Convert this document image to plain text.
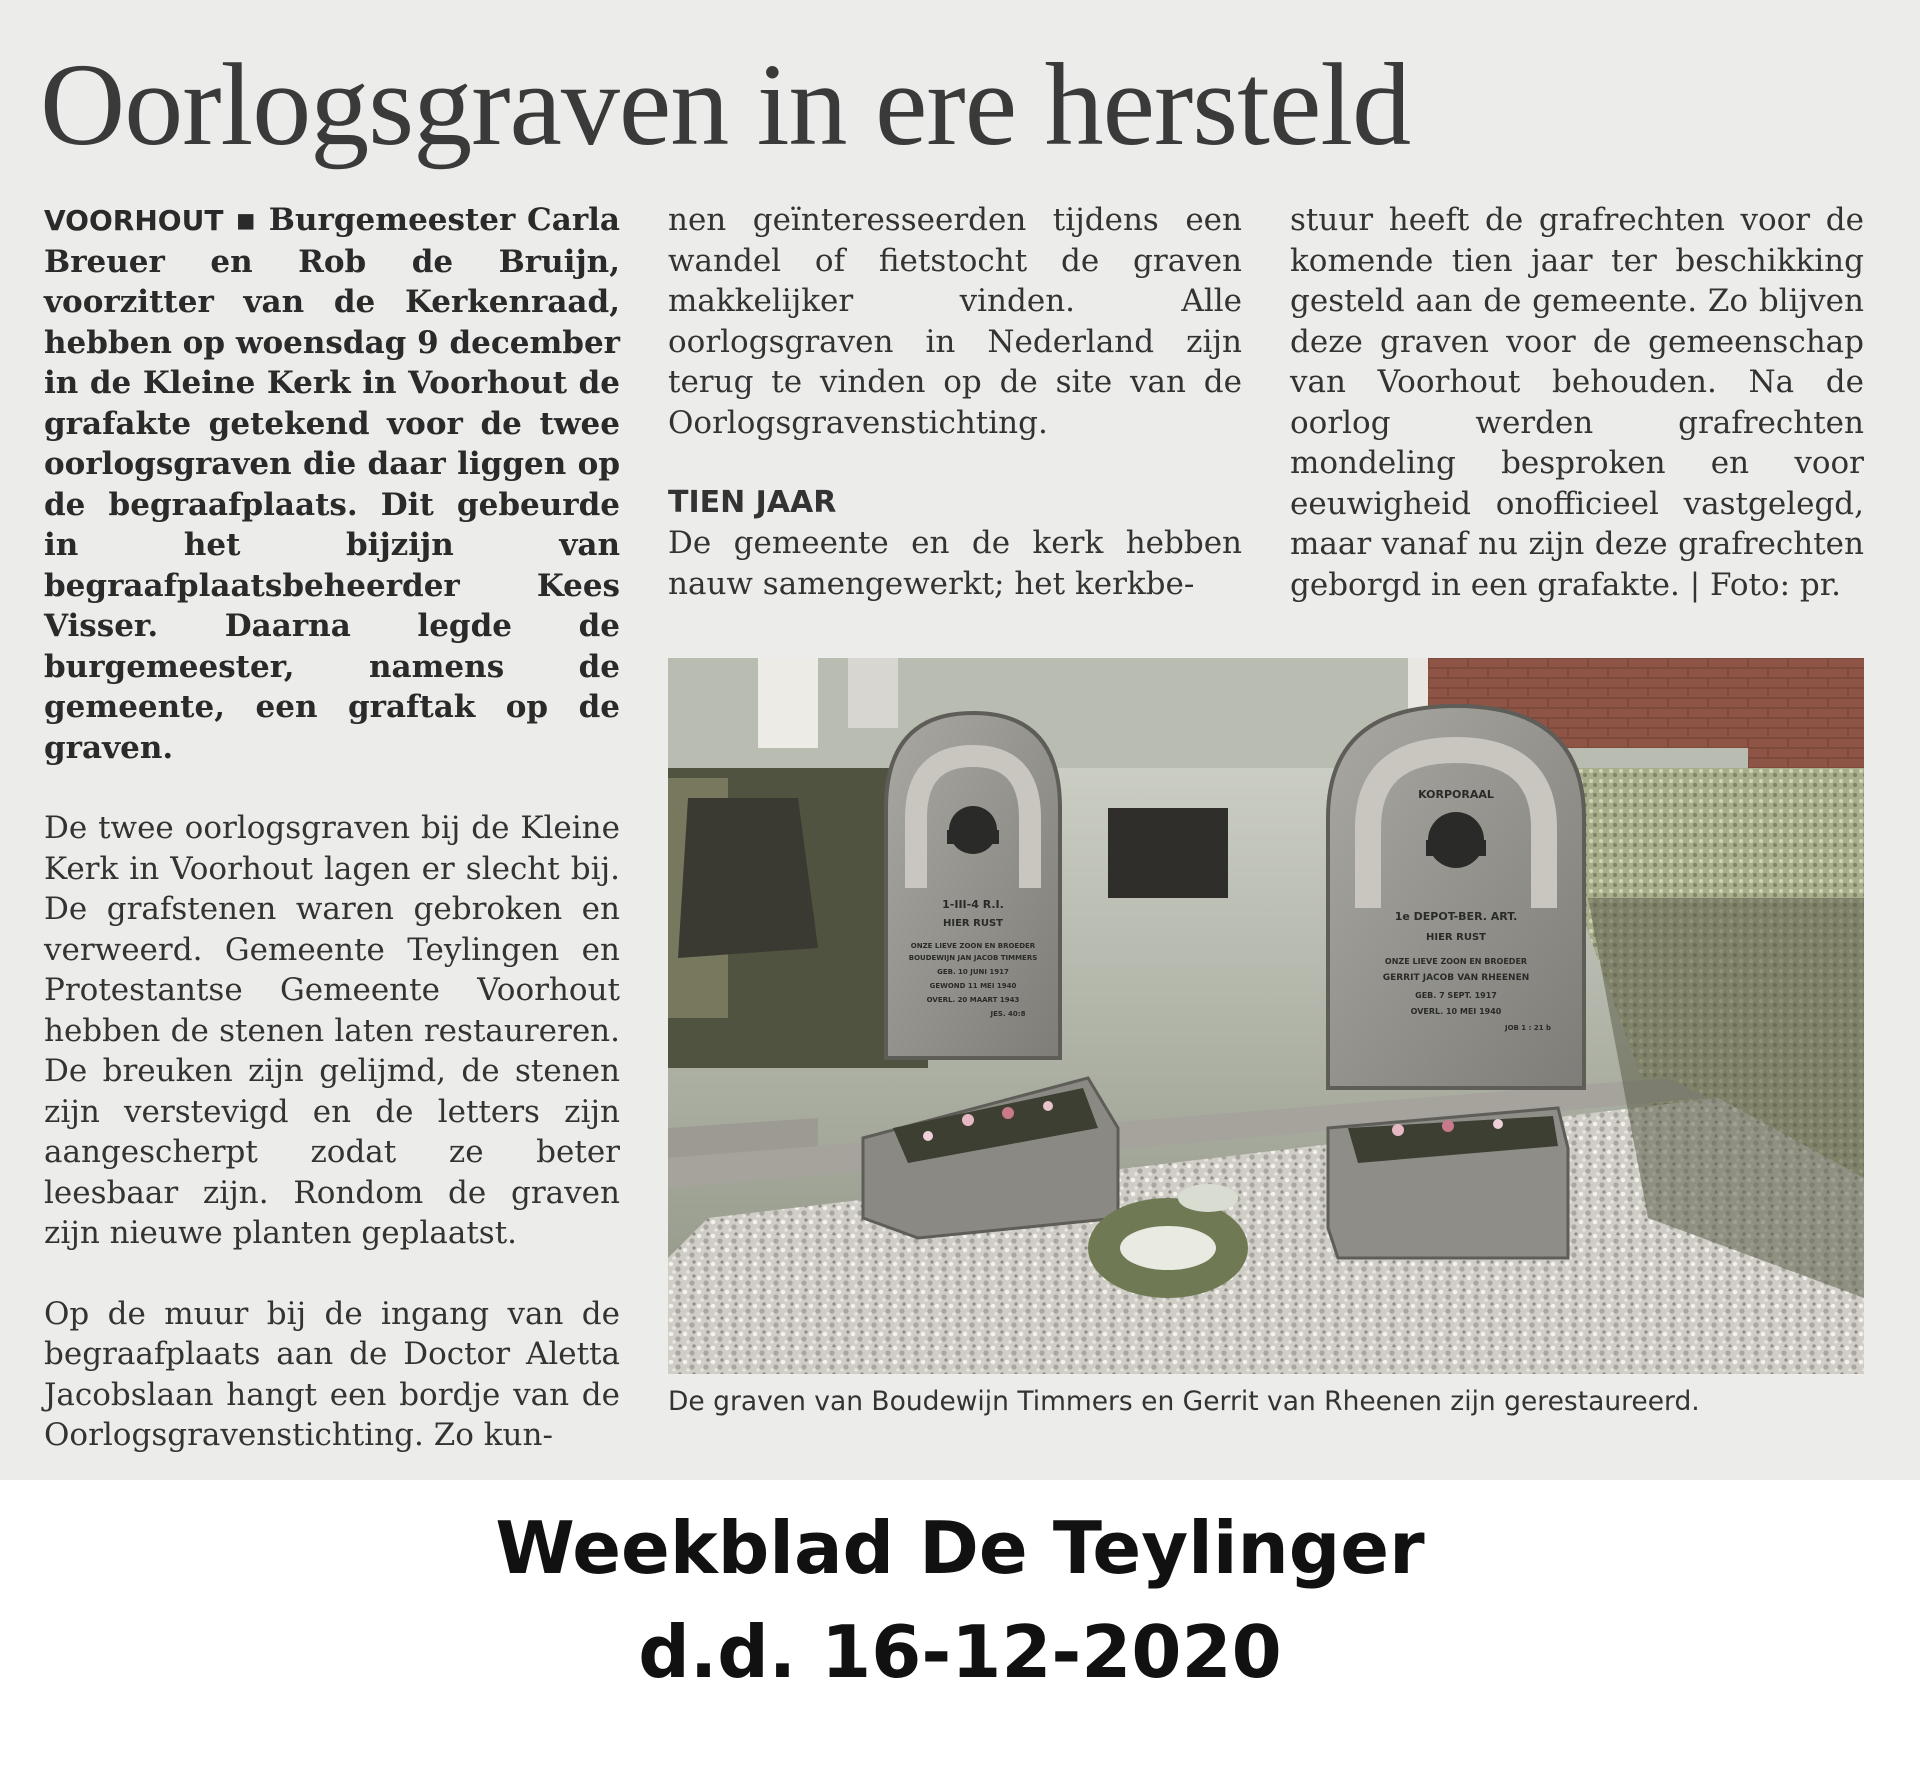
Oorlogsgraven in ere hersteld

VOORHOUT ▪ Burgemeester Carla Breuer en Rob de Bruijn, voorzitter van de Kerkenraad, hebben op woensdag 9 december in de Kleine Kerk in Voorhout de grafakte getekend voor de twee oorlogsgraven die daar liggen op de begraafplaats. Dit gebeurde in het bijzijn van begraafplaatsbeheerder Kees Visser. Daarna legde de burgemeester, namens de gemeente, een graftak op de graven.

De twee oorlogsgraven bij de Kleine Kerk in Voorhout lagen er slecht bij. De grafstenen waren gebroken en verweerd. Gemeente Teylingen en Protestantse Gemeente Voorhout hebben de stenen laten restaureren. De breuken zijn gelijmd, de stenen zijn verstevigd en de letters zijn aangescherpt zodat ze beter leesbaar zijn. Rondom de graven zijn nieuwe planten geplaatst.

Op de muur bij de ingang van de begraafplaats aan de Doctor Aletta Jacobslaan hangt een bordje van de Oorlogsgravenstichting. Zo kun-

nen geïnteresseerden tijdens een wandel of fietstocht de graven makkelijker vinden. Alle oorlogsgraven in Nederland zijn terug te vinden op de site van de Oorlogsgravenstichting.

TIEN JAAR

De gemeente en de kerk hebben nauw samengewerkt; het kerkbe-

stuur heeft de grafrechten voor de komende tien jaar ter beschikking gesteld aan de gemeente. Zo blijven deze graven voor de gemeenschap van Voorhout behouden. Na de oorlog werden grafrechten mondeling besproken en voor eeuwigheid onofficieel vastgelegd, maar vanaf nu zijn deze grafrechten geborgd in een grafakte. | Foto: pr.

1-III-4 R.I.
HIER RUST
ONZE LIEVE ZOON EN BROEDER
BOUDEWIJN JAN JACOB TIMMERS
GEB. 10 JUNI 1917
GEWOND 11 MEI 1940
OVERL. 20 MAART 1943
JES. 40:8
KORPORAAL
1e DEPOT-BER. ART.
HIER RUST
ONZE LIEVE ZOON EN BROEDER
GERRIT JACOB VAN RHEENEN
GEB. 7 SEPT. 1917
OVERL. 10 MEI 1940
JOB 1 : 21 b
De graven van Boudewijn Timmers en Gerrit van Rheenen zijn gerestaureerd.
Weekblad De Teylinger
d.d. 16-12-2020
